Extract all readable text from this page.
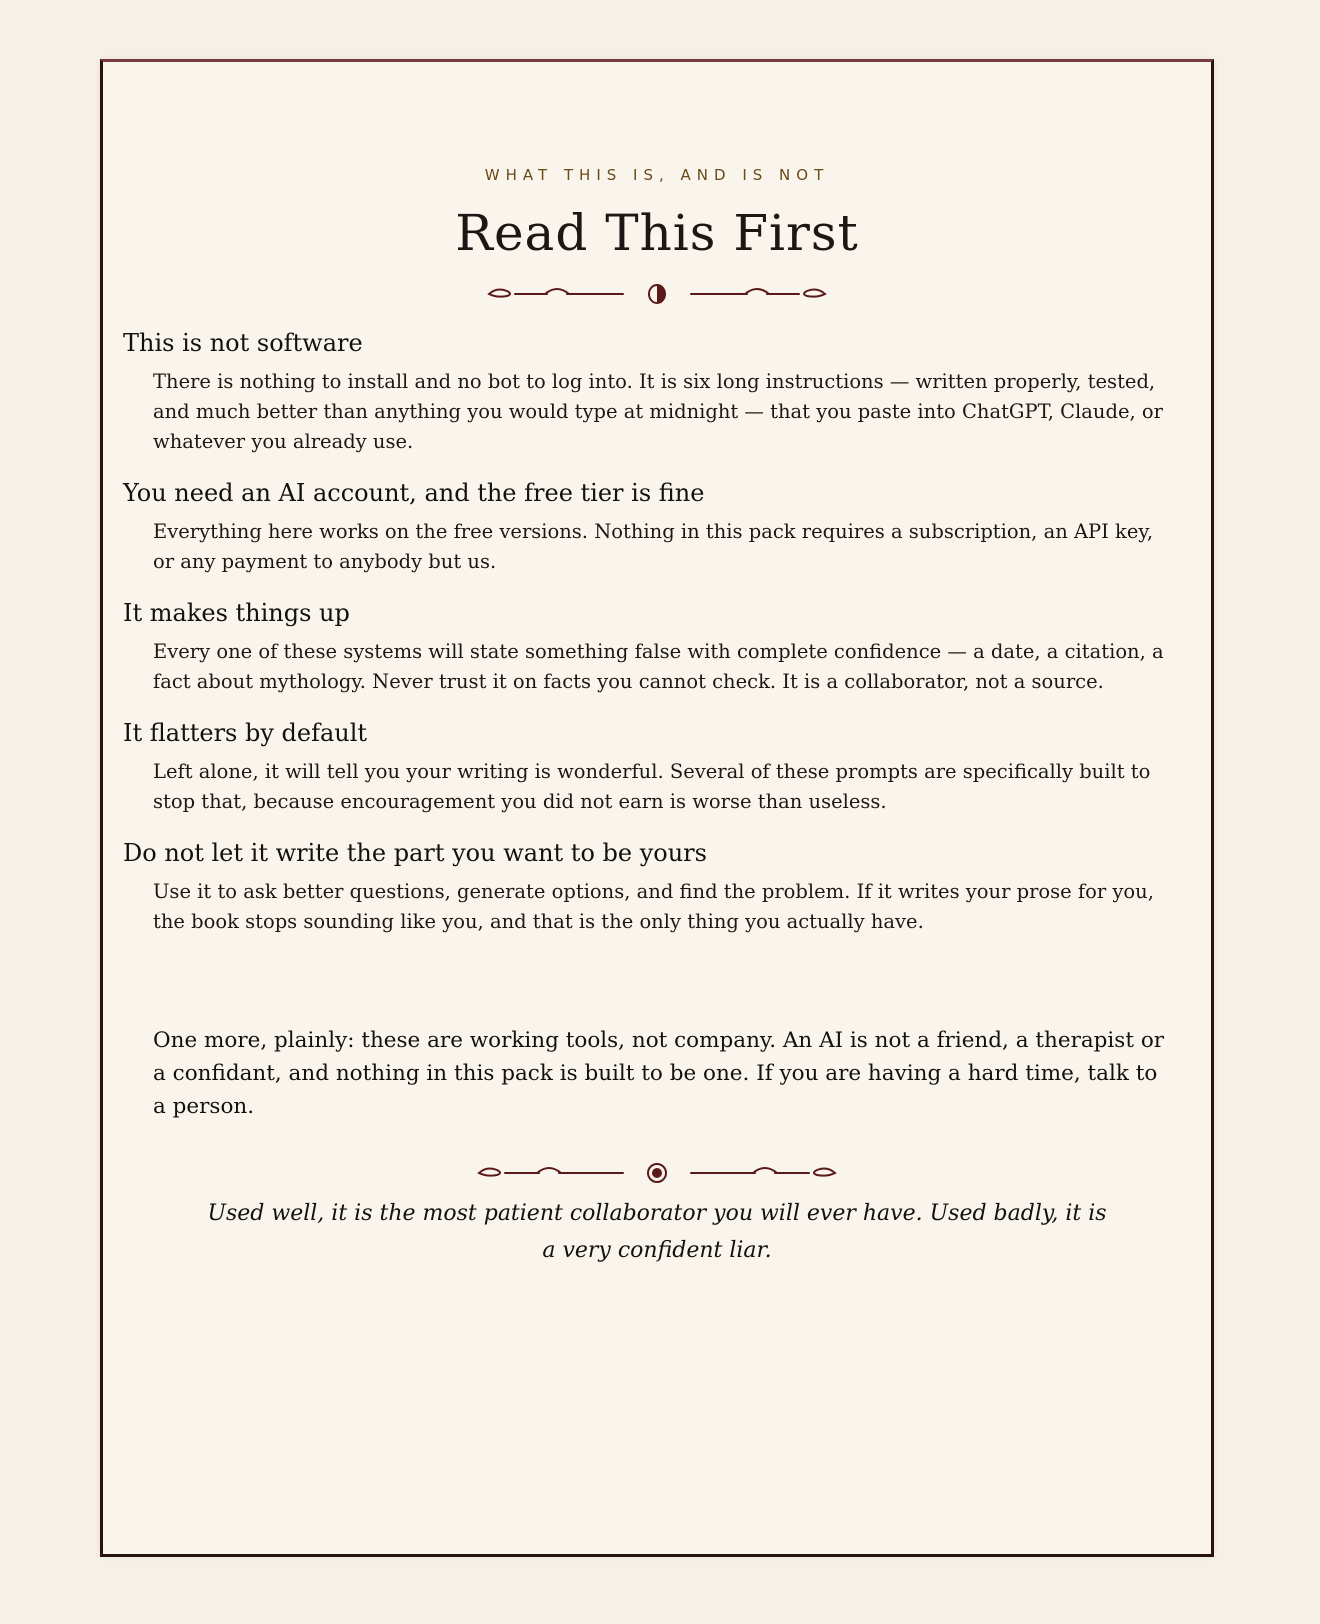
WHAT THIS IS, AND IS NOT
Read This First
This is not software

There is nothing to install and no bot to log into. It is six long instructions — written properly, tested, and much better than anything you would type at midnight — that you paste into ChatGPT, Claude, or whatever you already use.

You need an AI account, and the free tier is fine

Everything here works on the free versions. Nothing in this pack requires a subscription, an API key, or any payment to anybody but us.

It makes things up

Every one of these systems will state something false with complete confidence — a date, a citation, a fact about mythology. Never trust it on facts you cannot check. It is a collaborator, not a source.

It flatters by default

Left alone, it will tell you your writing is wonderful. Several of these prompts are specifically built to stop that, because encouragement you did not earn is worse than useless.

Do not let it write the part you want to be yours

Use it to ask better questions, generate options, and find the problem. If it writes your prose for you, the book stops sounding like you, and that is the only thing you actually have.

One more, plainly: these are working tools, not company. An AI is not a friend, a therapist or a confidant, and nothing in this pack is built to be one. If you are having a hard time, talk to a person.

Used well, it is the most patient collaborator you will ever have. Used badly, it is a very confident liar.
